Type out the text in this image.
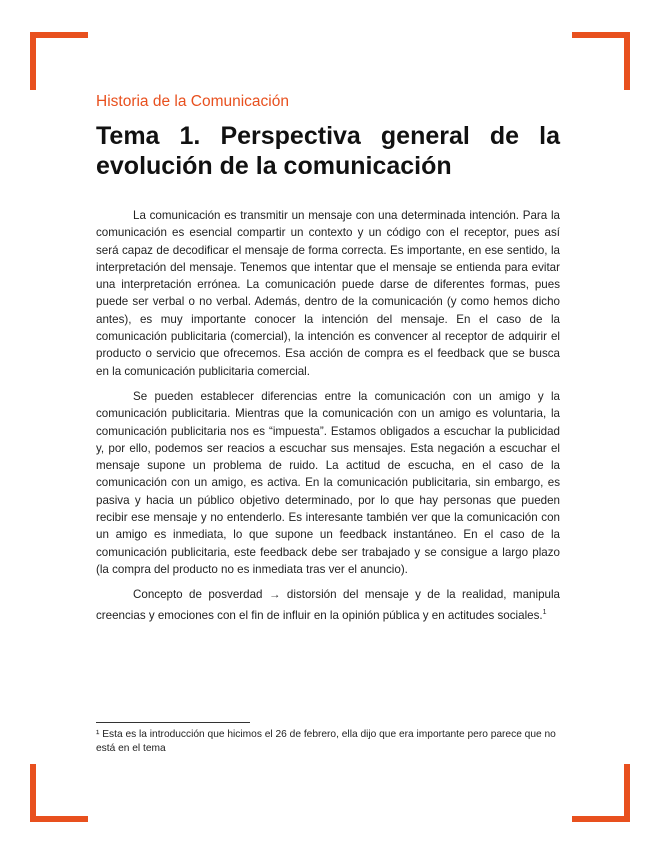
Historia de la Comunicación
Tema 1. Perspectiva general de la evolución de la comunicación

La comunicación es transmitir un mensaje con una determinada intención. Para la comunicación es esencial compartir un contexto y un código con el receptor, pues así será capaz de decodificar el mensaje de forma correcta. Es importante, en ese sentido, la interpretación del mensaje. Tenemos que intentar que el mensaje se entienda para evitar una interpretación errónea. La comunicación puede darse de diferentes formas, pues puede ser verbal o no verbal. Además, dentro de la comunicación (y como hemos dicho antes), es muy importante conocer la intención del mensaje. En el caso de la comunicación publicitaria (comercial), la intención es convencer al receptor de adquirir el producto o servicio que ofrecemos. Esa acción de compra es el feedback que se busca en la comunicación publicitaria comercial.

Se pueden establecer diferencias entre la comunicación con un amigo y la comunicación publicitaria. Mientras que la comunicación con un amigo es voluntaria, la comunicación publicitaria nos es “impuesta”. Estamos obligados a escuchar la publicidad y, por ello, podemos ser reacios a escuchar sus mensajes. Esta negación a escuchar el mensaje supone un problema de ruido. La actitud de escucha, en el caso de la comunicación con un amigo, es activa. En la comunicación publicitaria, sin embargo, es pasiva y hacia un público objetivo determinado, por lo que hay personas que pueden recibir ese mensaje y no entenderlo. Es interesante también ver que la comunicación con un amigo es inmediata, lo que supone un feedback instantáneo. En el caso de la comunicación publicitaria, este feedback debe ser trabajado y se consigue a largo plazo (la compra del producto no es inmediata tras ver el anuncio).

Concepto de posverdad → distorsión del mensaje y de la realidad, manipula creencias y emociones con el fin de influir en la opinión pública y en actitudes sociales.$^1$

¹ Esta es la introducción que hicimos el 26 de febrero, ella dijo que era importante pero parece que no está en el tema
